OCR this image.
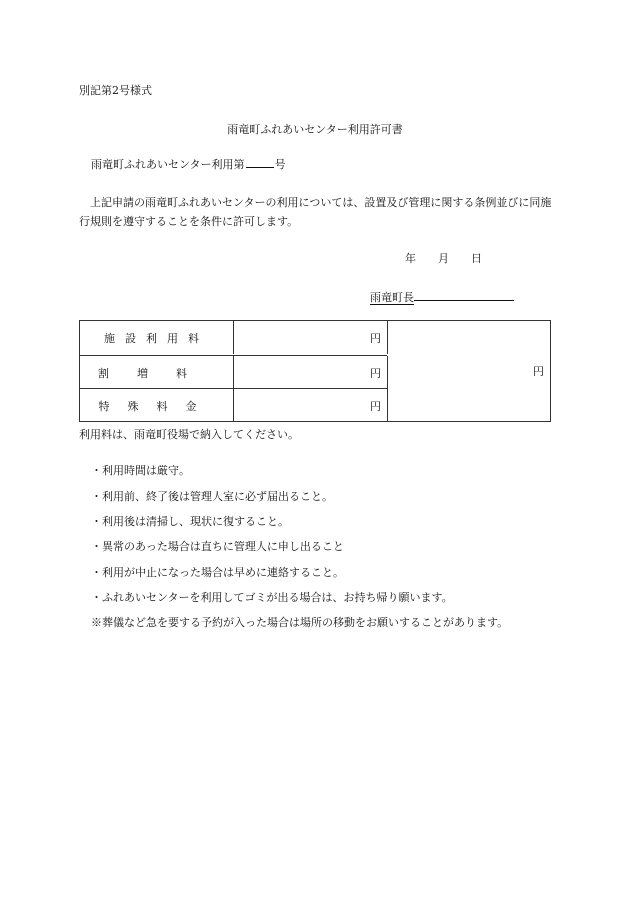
別記第2号様式
雨竜町ふれあいセンター利用許可書
雨竜町ふれあいセンター利用第	号
上記申請の雨竜町ふれあいセンターの利用については、設置及び管理に関する条例並びに同施行規則を遵守することを条件に許可します。
年 月 日
雨竜町長
施設利用料	円
割増料	円
特殊料金	円
円
利用料は、雨竜町役場で納入してください。
・利用時間は厳守。
・利用前、終了後は管理人室に必ず届出ること。
・利用後は清掃し、現状に復すること。
・異常のあった場合は直ちに管理人に申し出ること
・利用が中止になった場合は早めに連絡すること。
・ふれあいセンターを利用してゴミが出る場合は、お持ち帰り願います。
※葬儀など急を要する予約が入った場合は場所の移動をお願いすることがあります。
